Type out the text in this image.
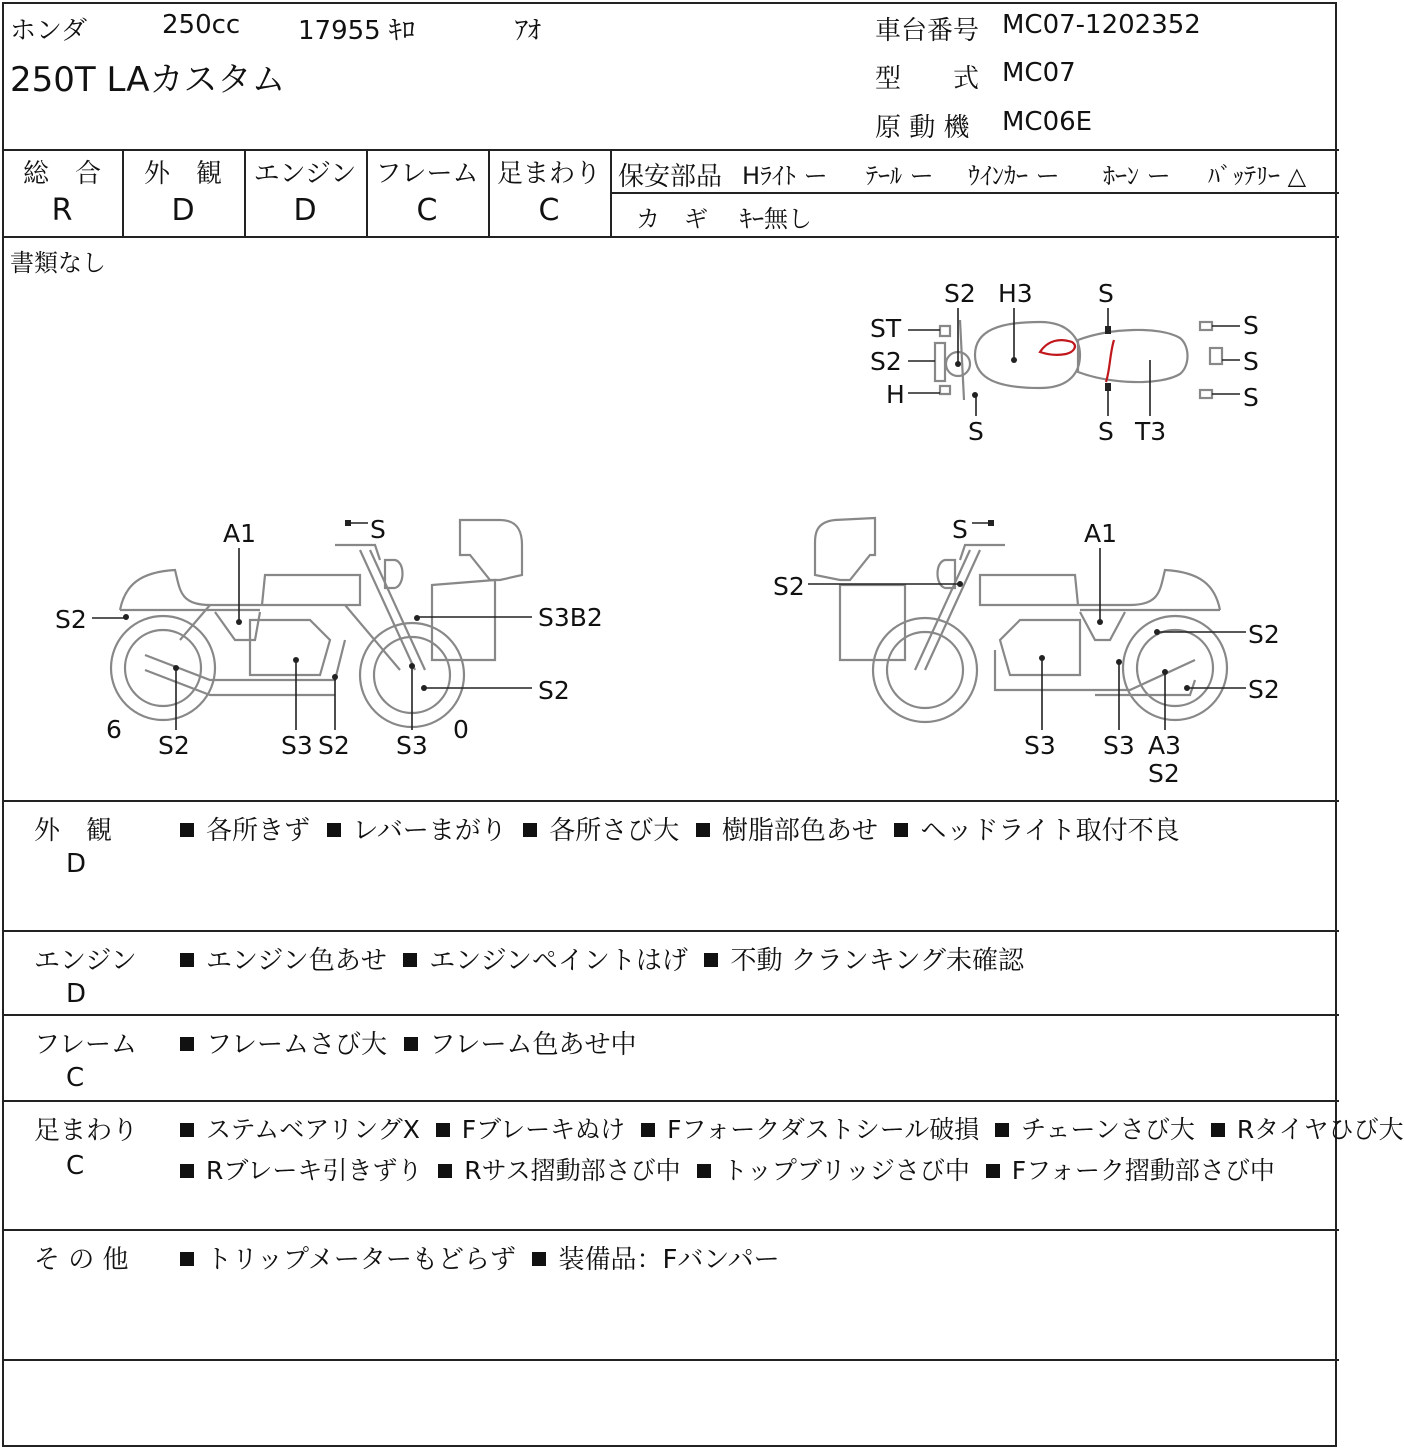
ホンダ	250cc 17955 ｷﾛ	ｱｵ
250T LAカスタム
車台番号 MC07-1202352
型　　式 MC07
原 動 機 MC06E
総　合
R
外　観
D
エンジン
D
フレーム
C
足まわり
C
保安部品 Hﾗｲﾄ ー ﾃｰﾙ ー ｳｲﾝｶｰ ー ﾎｰﾝ ー ﾊﾞｯﾃﾘｰ △
カ　ギ ｷｰ無し
書類なし
S2 H3	S
ST
S2
H
S	S T3
S
S
S
A1	S
S2	S3B2
S2
6
S2	S3 S2 S3
0
S	A1
S2
S2
S2
S3 S3 A3
S2
外　観
D
各所きず レバーまがり 各所さび大 樹脂部色あせ ヘッドライト取付不良
エンジン
D
エンジン色あせ エンジンペイントはげ 不動 クランキング未確認
フレーム
C
フレームさび大 フレーム色あせ中
足まわり
C
ステムベアリングX Fブレーキぬけ Fフォークダストシール破損 チェーンさび大 Rタイヤひび大
Rブレーキ引きずり Rサス摺動部さび中 トップブリッジさび中 Fフォーク摺動部さび中
そ の 他	トリップメーターもどらず 装備品：Fバンパー
